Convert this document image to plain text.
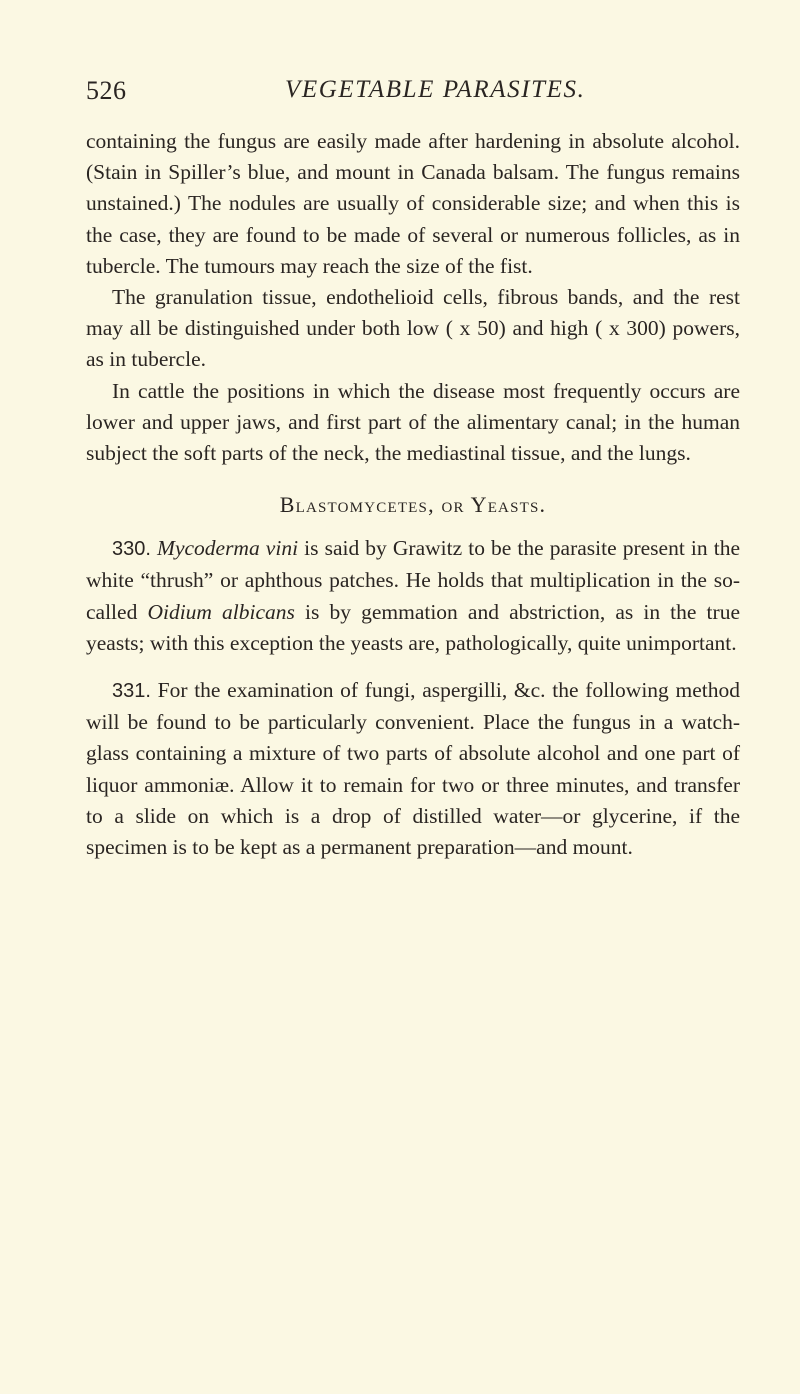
526	VEGETABLE PARASITES.

containing the fungus are easily made after hardening in absolute alcohol. (Stain in Spiller’s blue, and mount in Canada balsam. The fungus remains unstained.) The nodules are usually of considerable size; and when this is the case, they are found to be made of several or numerous follicles, as in tubercle. The tumours may reach the size of the fist.

The granulation tissue, endothelioid cells, fibrous bands, and the rest may all be distinguished under both low ( x 50) and high ( x 300) powers, as in tubercle.

In cattle the positions in which the disease most frequently occurs are lower and upper jaws, and first part of the alimentary canal; in the human subject the soft parts of the neck, the mediastinal tissue, and the lungs.

Blastomycetes, or Yeasts.

330. Mycoderma vini is said by Grawitz to be the parasite present in the white “thrush” or aphthous patches. He holds that multiplication in the so-called Oidium albicans is by gemmation and abstriction, as in the true yeasts; with this exception the yeasts are, pathologically, quite unimportant.

331. For the examination of fungi, aspergilli, &c. the following method will be found to be particularly convenient. Place the fungus in a watch-glass containing a mixture of two parts of absolute alcohol and one part of liquor ammoniæ. Allow it to remain for two or three minutes, and transfer to a slide on which is a drop of distilled water—or glycerine, if the specimen is to be kept as a permanent preparation—and mount.
